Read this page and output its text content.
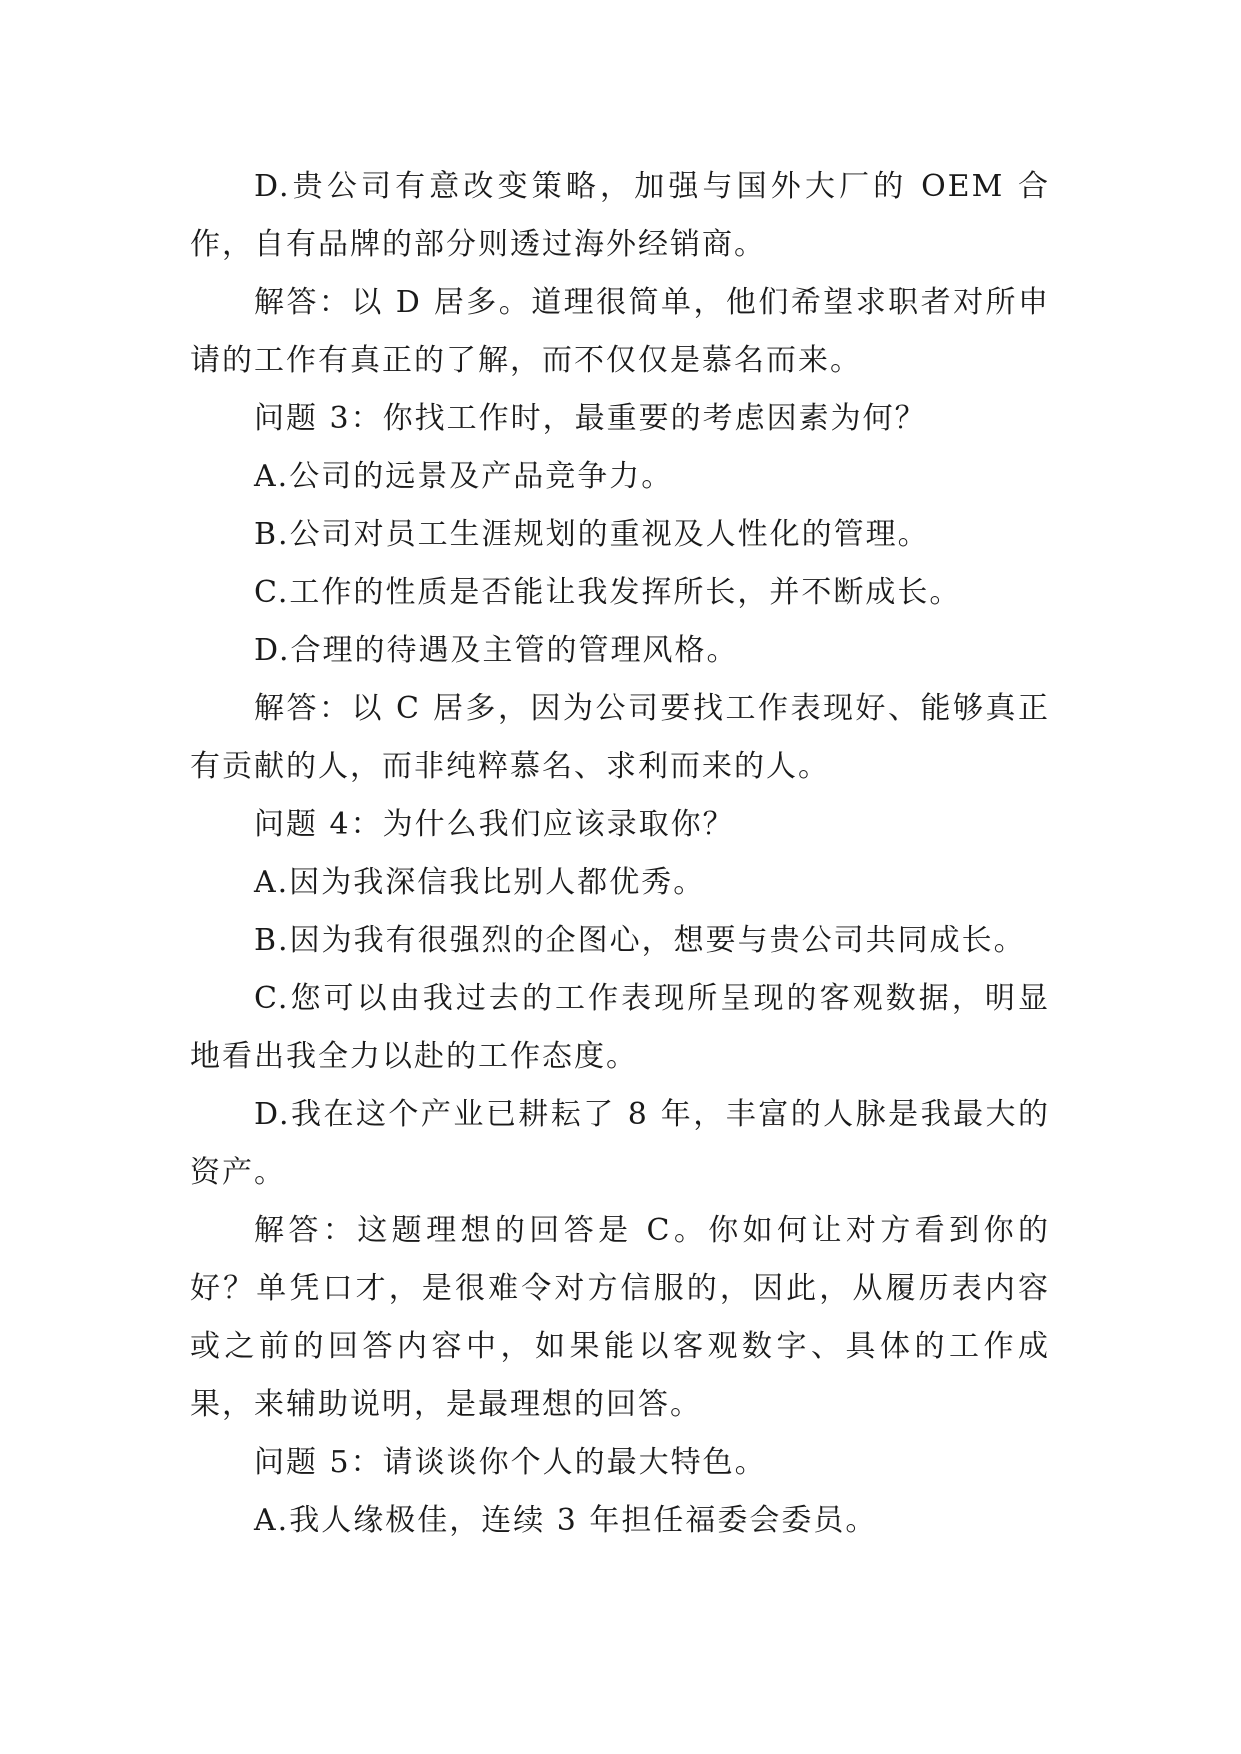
D.贵公司有意改变策略，加强与国外大厂的 OEM 合作，自有品牌的部分则透过海外经销商。

解答：以 D 居多。道理很简单，他们希望求职者对所申请的工作有真正的了解，而不仅仅是慕名而来。

问题 3：你找工作时，最重要的考虑因素为何？

A.公司的远景及产品竞争力。

B.公司对员工生涯规划的重视及人性化的管理。

C.工作的性质是否能让我发挥所长，并不断成长。

D.合理的待遇及主管的管理风格。

解答：以 C 居多，因为公司要找工作表现好、能够真正有贡献的人，而非纯粹慕名、求利而来的人。

问题 4：为什么我们应该录取你？

A.因为我深信我比别人都优秀。

B.因为我有很强烈的企图心，想要与贵公司共同成长。

C.您可以由我过去的工作表现所呈现的客观数据，明显地看出我全力以赴的工作态度。

D.我在这个产业已耕耘了 8 年，丰富的人脉是我最大的资产。

解答：这题理想的回答是 C。你如何让对方看到你的好？单凭口才，是很难令对方信服的，因此，从履历表内容或之前的回答内容中，如果能以客观数字、具体的工作成果，来辅助说明，是最理想的回答。

问题 5：请谈谈你个人的最大特色。

A.我人缘极佳，连续 3 年担任福委会委员。
